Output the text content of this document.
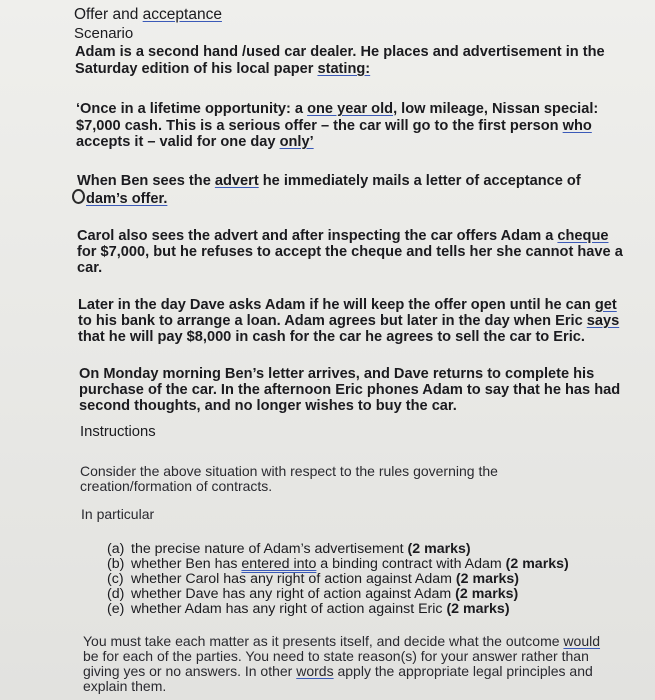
Offer and acceptance
Scenario
Adam is a second hand /used car dealer. He places and advertisement in the
Saturday edition of his local paper stating:
‘Once in a lifetime opportunity: a one year old, low mileage, Nissan special:
$7,000 cash. This is a serious offer – the car will go to the first person who
accepts it – valid for one day only’
When Ben sees the advert he immediately mails a letter of acceptance of
dam’s offer.
Carol also sees the advert and after inspecting the car offers Adam a cheque
for $7,000, but he refuses to accept the cheque and tells her she cannot have a
car.
Later in the day Dave asks Adam if he will keep the offer open until he can get
to his bank to arrange a loan. Adam agrees but later in the day when Eric says
that he will pay $8,000 in cash for the car he agrees to sell the car to Eric.
On Monday morning Ben’s letter arrives, and Dave returns to complete his
purchase of the car. In the afternoon Eric phones Adam to say that he has had
second thoughts, and no longer wishes to buy the car.
Instructions
Consider the above situation with respect to the rules governing the
creation/formation of contracts.
In particular
(a) the precise nature of Adam’s advertisement (2 marks)
(b) whether Ben has entered into a binding contract with Adam (2 marks)
(c) whether Carol has any right of action against Adam (2 marks)
(d) whether Dave has any right of action against Adam (2 marks)
(e) whether Adam has any right of action against Eric (2 marks)
You must take each matter as it presents itself, and decide what the outcome would
be for each of the parties. You need to state reason(s) for your answer rather than
giving yes or no answers. In other words apply the appropriate legal principles and
explain them.
